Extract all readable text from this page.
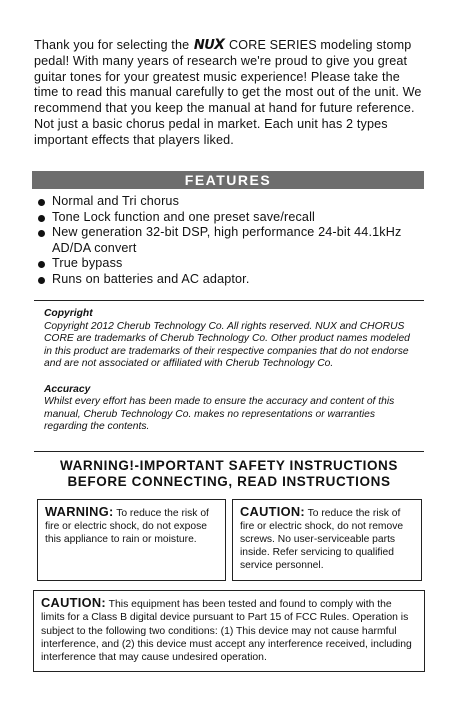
Thank you for selecting the NUX CORE SERIES modeling stomp pedal! With many years of research we're proud to give you great guitar tones for your greatest music experience! Please take the time to read this manual carefully to get the most out of the unit. We recommend that you keep the manual at hand for future reference.

Not just a basic chorus pedal in market. Each unit has 2 types important effects that players liked.

FEATURES
Normal and Tri chorus
Tone Lock function and one preset save/recall
New generation 32-bit DSP, high performance 24-bit 44.1kHz AD/DA convert
True bypass
Runs on batteries and AC adaptor.
Copyright

Copyright 2012 Cherub Technology Co. All rights reserved. NUX and CHORUS CORE are trademarks of Cherub Technology Co. Other product names modeled in this product are trademarks of their respective companies that do not endorse and are not associated or affiliated with Cherub Technology Co.

Accuracy

Whilst every effort has been made to ensure the accuracy and content of this manual, Cherub Technology Co. makes no representations or warranties regarding the contents.

WARNING!-IMPORTANT SAFETY INSTRUCTIONS
BEFORE CONNECTING, READ INSTRUCTIONS
WARNING: To reduce the risk of fire or electric shock, do not expose this appliance to rain or moisture.
CAUTION: To reduce the risk of fire or electric shock, do not remove screws. No user-serviceable parts inside. Refer servicing to qualified service personnel.
CAUTION: This equipment has been tested and found to comply with the limits for a Class B digital device pursuant to Part 15 of FCC Rules. Operation is subject to the following two conditions: (1) This device may not cause harmful interference, and (2) this device must accept any interference received, including interference that may cause undesired operation.
